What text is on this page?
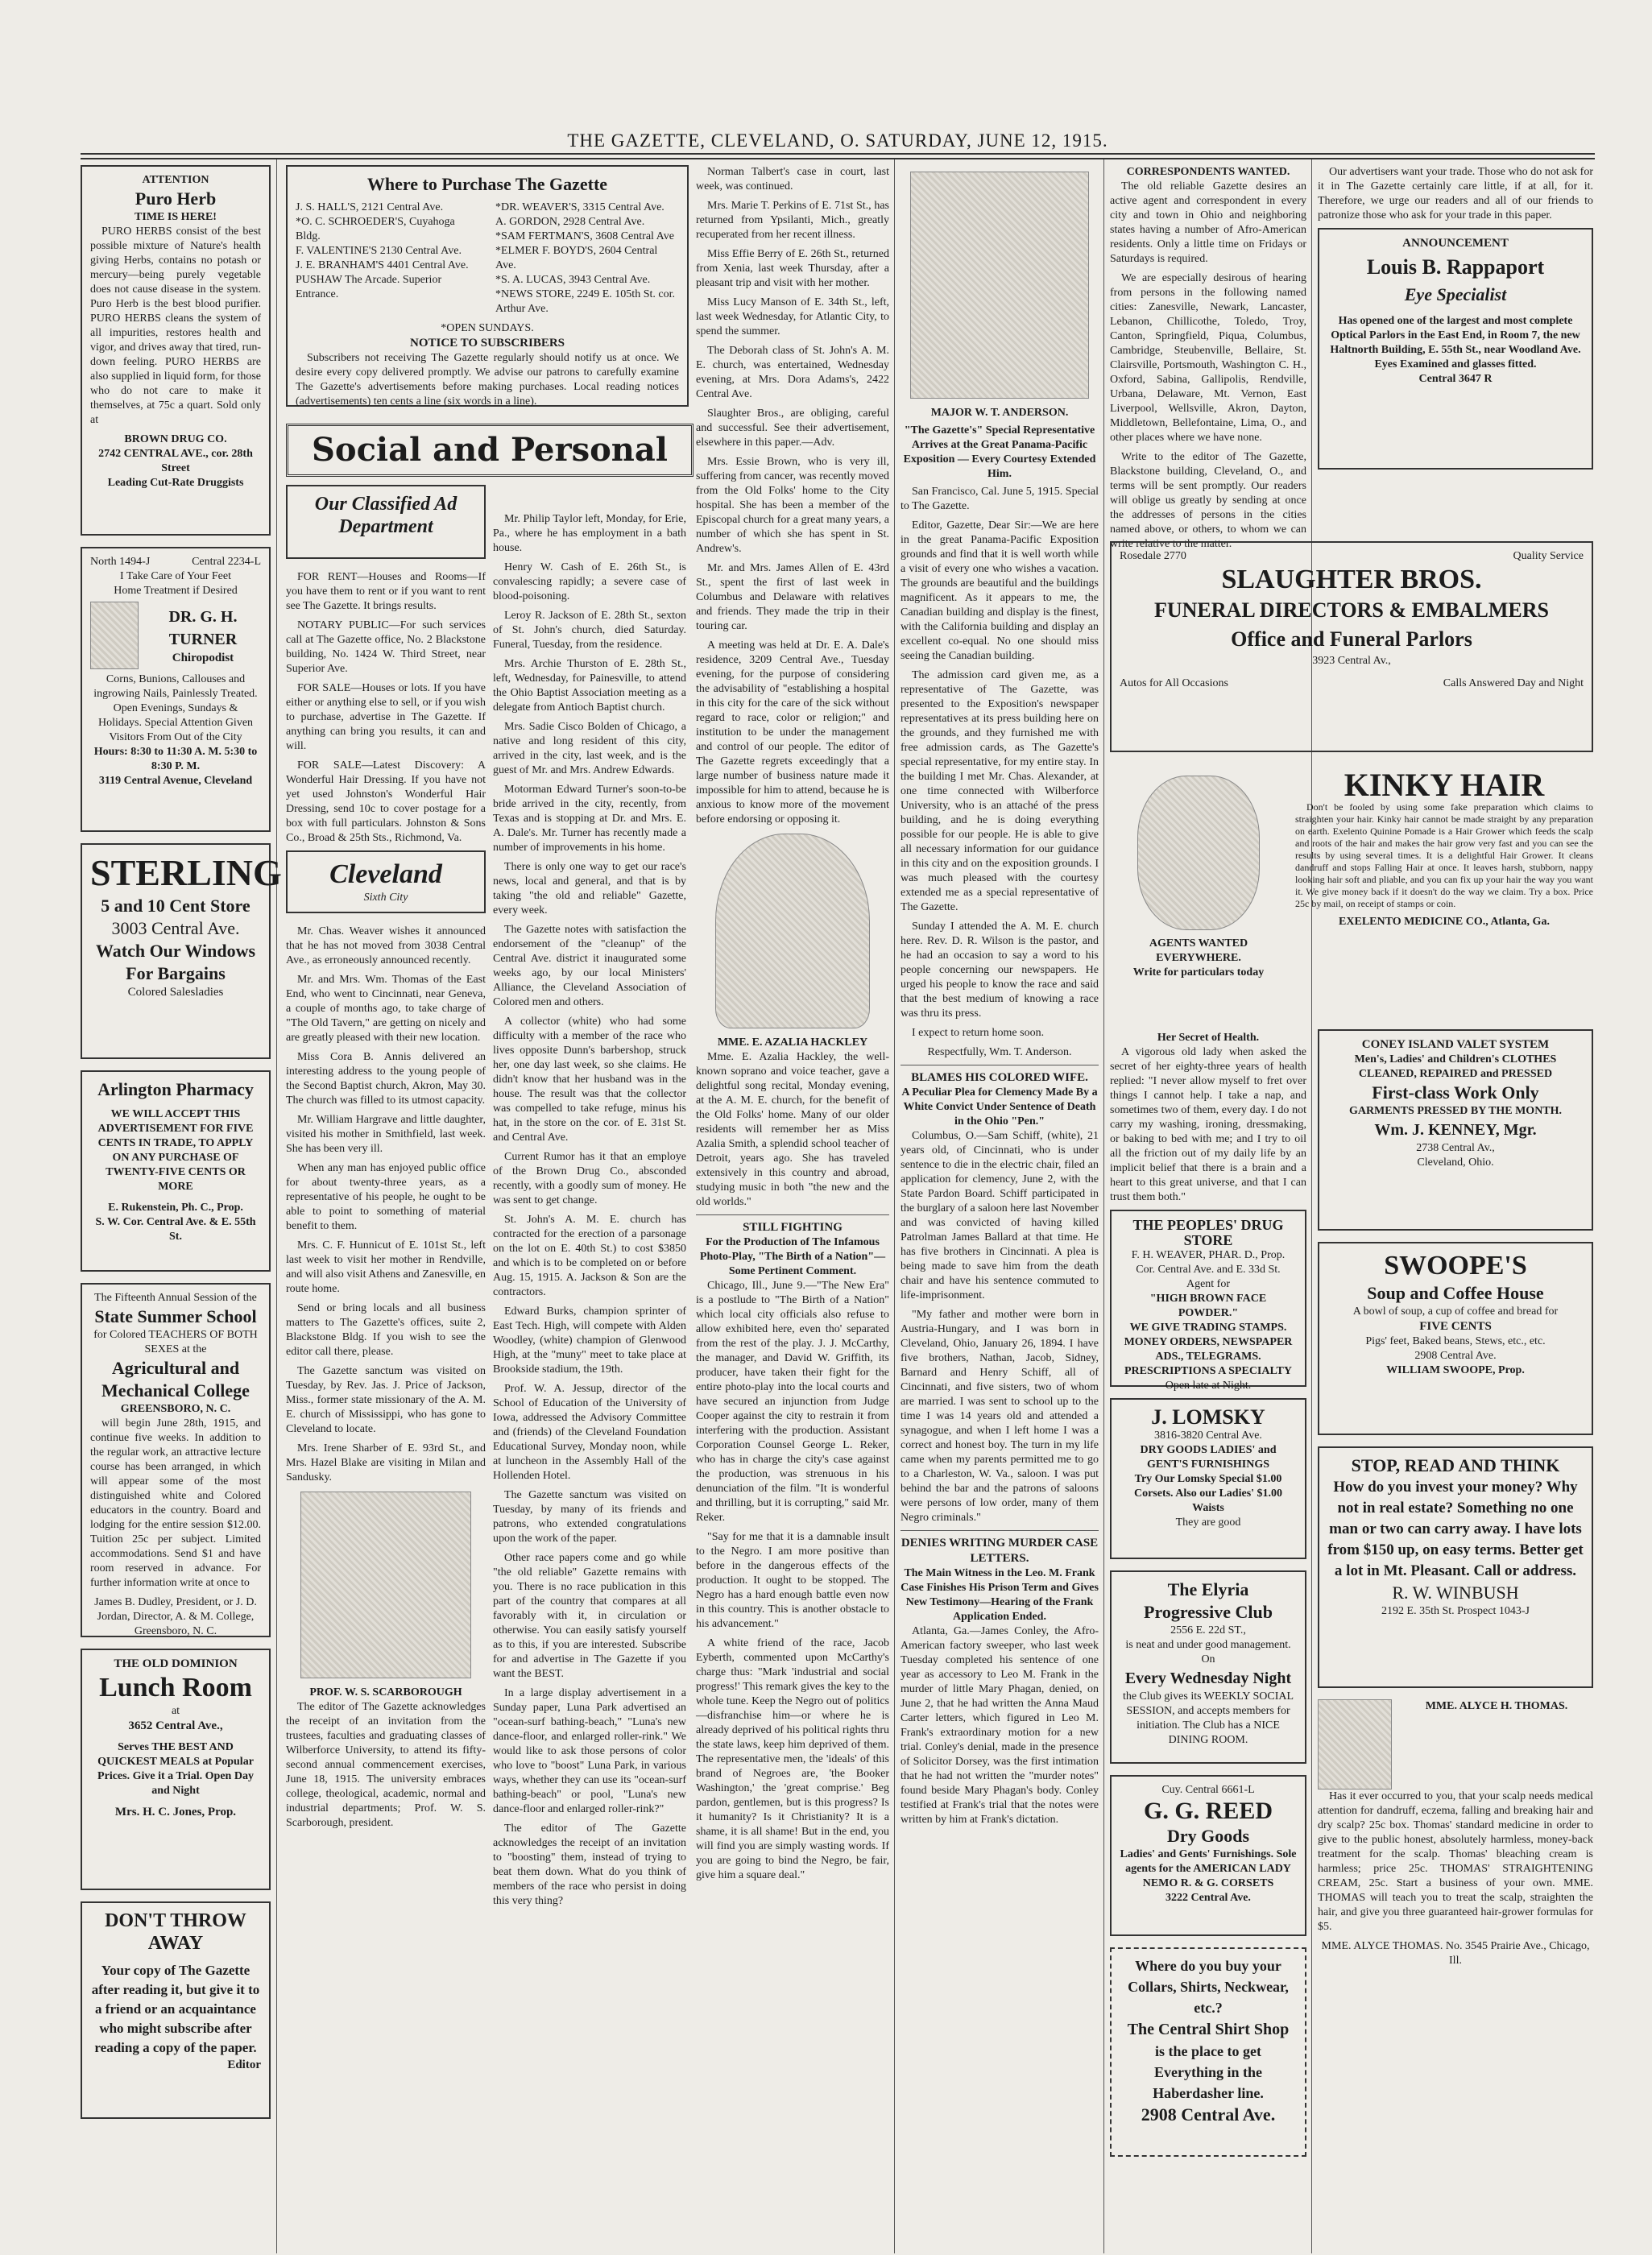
THE GAZETTE, CLEVELAND, O. SATURDAY, JUNE 12, 1915.
ATTENTION
Puro Herb
TIME IS HERE!
PURO HERBS consist of the best possible mixture of Nature's health giving Herbs, contains no potash or mercury—being purely vegetable does not cause disease in the system. Puro Herb is the best blood purifier. PURO HERBS cleans the system of all impurities, restores health and vigor, and drives away that tired, run-down feeling. PURO HERBS are also supplied in liquid form, for those who do not care to make it themselves, at 75c a quart. Sold only at
BROWN DRUG CO.
2742 CENTRAL AVE., cor. 28th Street
Leading Cut-Rate Druggists
North 1494-J	Central 2234-L
I Take Care of Your Feet
Home Treatment if Desired
DR. G. H. TURNER
Chiropodist
Corns, Bunions, Callouses and ingrowing Nails, Painlessly Treated. Open Evenings, Sundays & Holidays. Special Attention Given Visitors From Out of the City
Hours: 8:30 to 11:30 A. M. 5:30 to 8:30 P. M.
3119 Central Avenue, Cleveland
STERLING
5 and 10 Cent Store
3003 Central Ave.
Watch Our Windows
For Bargains
Colored Salesladies
Arlington Pharmacy
WE WILL ACCEPT THIS ADVERTISEMENT FOR FIVE CENTS IN TRADE, TO APPLY ON ANY PURCHASE OF TWENTY-FIVE CENTS OR MORE
E. Rukenstein, Ph. C., Prop.
S. W. Cor. Central Ave. & E. 55th St.
The Fifteenth Annual Session of the
State Summer School
for Colored TEACHERS OF BOTH SEXES at the
Agricultural and Mechanical College
GREENSBORO, N. C.
will begin June 28th, 1915, and continue five weeks. In addition to the regular work, an attractive lecture course has been arranged, in which will appear some of the most distinguished white and Colored educators in the country. Board and lodging for the entire session $12.00. Tuition 25c per subject. Limited accommodations. Send $1 and have room reserved in advance. For further information write at once to
James B. Dudley, President, or J. D. Jordan, Director, A. & M. College, Greensboro, N. C.
THE OLD DOMINION
Lunch Room
at
3652 Central Ave.,
Serves THE BEST AND QUICKEST MEALS at Popular Prices. Give it a Trial. Open Day and Night
Mrs. H. C. Jones, Prop.
DON'T THROW AWAY
Your copy of The Gazette after reading it, but give it to a friend or an acquaintance who might subscribe after reading a copy of the paper.
Editor
Where to Purchase The Gazette
J. S. HALL'S, 2121 Central Ave.
*O. C. SCHROEDER'S, Cuyahoga Bldg.
F. VALENTINE'S 2130 Central Ave.
J. E. BRANHAM'S 4401 Central Ave.
PUSHAW The Arcade. Superior Entrance.
*DR. WEAVER'S, 3315 Central Ave.
A. GORDON, 2928 Central Ave.
*SAM FERTMAN'S, 3608 Central Ave
*ELMER F. BOYD'S, 2604 Central Ave.
*S. A. LUCAS, 3943 Central Ave.
*NEWS STORE, 2249 E. 105th St. cor. Arthur Ave.
*OPEN SUNDAYS.
NOTICE TO SUBSCRIBERS
Subscribers not receiving The Gazette regularly should notify us at once. We desire every copy delivered promptly. We advise our patrons to carefully examine The Gazette's advertisements before making purchases. Local reading notices (advertisements) ten cents a line (six words in a line).
Social and Personal
Our Classified Ad Department
FOR RENT—Houses and Rooms—If you have them to rent or if you want to rent see The Gazette. It brings results.
NOTARY PUBLIC—For such services call at The Gazette office, No. 2 Blackstone building, No. 1424 W. Third Street, near Superior Ave.
FOR SALE—Houses or lots. If you have either or anything else to sell, or if you wish to purchase, advertise in The Gazette. If anything can bring you results, it can and will.
FOR SALE—Latest Discovery: A Wonderful Hair Dressing. If you have not yet used Johnston's Wonderful Hair Dressing, send 10c to cover postage for a box with full particulars. Johnston & Sons Co., Broad & 25th Sts., Richmond, Va.
Cleveland
Sixth City
Mr. Chas. Weaver wishes it announced that he has not moved from 3038 Central Ave., as erroneously announced recently.
Mr. and Mrs. Wm. Thomas of the East End, who went to Cincinnati, near Geneva, a couple of months ago, to take charge of "The Old Tavern," are getting on nicely and are greatly pleased with their new location.
Miss Cora B. Annis delivered an interesting address to the young people of the Second Baptist church, Akron, May 30. The church was filled to its utmost capacity.
Mr. William Hargrave and little daughter, visited his mother in Smithfield, last week. She has been very ill.
When any man has enjoyed public office for about twenty-three years, as a representative of his people, he ought to be able to point to something of material benefit to them.
Mrs. C. F. Hunnicut of E. 101st St., left last week to visit her mother in Rendville, and will also visit Athens and Zanesville, en route home.
Send or bring locals and all business matters to The Gazette's offices, suite 2, Blackstone Bldg. If you wish to see the editor call there, please.
The Gazette sanctum was visited on Tuesday, by Rev. Jas. J. Price of Jackson, Miss., former state missionary of the A. M. E. church of Mississippi, who has gone to Cleveland to locate.
Mrs. Irene Sharber of E. 93rd St., and Mrs. Hazel Blake are visiting in Milan and Sandusky.
PROF. W. S. SCARBOROUGH
The editor of The Gazette acknowledges the receipt of an invitation from the trustees, faculties and graduating classes of Wilberforce University, to attend its fifty-second annual commencement exercises, June 18, 1915. The university embraces college, theological, academic, normal and industrial departments; Prof. W. S. Scarborough, president.
Mr. Philip Taylor left, Monday, for Erie, Pa., where he has employment in a bath house.
Henry W. Cash of E. 26th St., is convalescing rapidly; a severe case of blood-poisoning.
Leroy R. Jackson of E. 28th St., sexton of St. John's church, died Saturday. Funeral, Tuesday, from the residence.
Mrs. Archie Thurston of E. 28th St., left, Wednesday, for Painesville, to attend the Ohio Baptist Association meeting as a delegate from Antioch Baptist church.
Mrs. Sadie Cisco Bolden of Chicago, a native and long resident of this city, arrived in the city, last week, and is the guest of Mr. and Mrs. Andrew Edwards.
Motorman Edward Turner's soon-to-be bride arrived in the city, recently, from Texas and is stopping at Dr. and Mrs. E. A. Dale's. Mr. Turner has recently made a number of improvements in his home.
There is only one way to get our race's news, local and general, and that is by taking "the old and reliable" Gazette, every week.
The Gazette notes with satisfaction the endorsement of the "cleanup" of the Central Ave. district it inaugurated some weeks ago, by our local Ministers' Alliance, the Cleveland Association of Colored men and others.
A collector (white) who had some difficulty with a member of the race who lives opposite Dunn's barbershop, struck her, one day last week, so she claims. He didn't know that her husband was in the house. The result was that the collector was compelled to take refuge, minus his hat, in the store on the cor. of E. 31st St. and Central Ave.
Current Rumor has it that an employe of the Brown Drug Co., absconded recently, with a goodly sum of money. He was sent to get change.
St. John's A. M. E. church has contracted for the erection of a parsonage on the lot on E. 40th St.) to cost $3850 and which is to be completed on or before Aug. 15, 1915. A. Jackson & Son are the contractors.
Edward Burks, champion sprinter of East Tech. High, will compete with Alden Woodley, (white) champion of Glenwood High, at the "muny" meet to take place at Brookside stadium, the 19th.
Prof. W. A. Jessup, director of the School of Education of the University of Iowa, addressed the Advisory Committee and (friends) of the Cleveland Foundation Educational Survey, Monday noon, while at luncheon in the Assembly Hall of the Hollenden Hotel.
The Gazette sanctum was visited on Tuesday, by many of its friends and patrons, who extended congratulations upon the work of the paper.
Other race papers come and go while "the old reliable" Gazette remains with you. There is no race publication in this part of the country that compares at all favorably with it, in circulation or otherwise. You can easily satisfy yourself as to this, if you are interested. Subscribe for and advertise in The Gazette if you want the BEST.
In a large display advertisement in a Sunday paper, Luna Park advertised an "ocean-surf bathing-beach," "Luna's new dance-floor, and enlarged roller-rink." We would like to ask those persons of color who love to "boost" Luna Park, in various ways, whether they can use its "ocean-surf bathing-beach" or pool, "Luna's new dance-floor and enlarged roller-rink?"
The editor of The Gazette acknowledges the receipt of an invitation to "boosting" them, instead of trying to beat them down. What do you think of members of the race who persist in doing this very thing?
Norman Talbert's case in court, last week, was continued.
Mrs. Marie T. Perkins of E. 71st St., has returned from Ypsilanti, Mich., greatly recuperated from her recent illness.
Miss Effie Berry of E. 26th St., returned from Xenia, last week Thursday, after a pleasant trip and visit with her mother.
Miss Lucy Manson of E. 34th St., left, last week Wednesday, for Atlantic City, to spend the summer.
The Deborah class of St. John's A. M. E. church, was entertained, Wednesday evening, at Mrs. Dora Adams's, 2422 Central Ave.
Slaughter Bros., are obliging, careful and successful. See their advertisement, elsewhere in this paper.—Adv.
Mrs. Essie Brown, who is very ill, suffering from cancer, was recently moved from the Old Folks' home to the City hospital. She has been a member of the Episcopal church for a great many years, a number of which she has spent in St. Andrew's.
Mr. and Mrs. James Allen of E. 43rd St., spent the first of last week in Columbus and Delaware with relatives and friends. They made the trip in their touring car.
A meeting was held at Dr. E. A. Dale's residence, 3209 Central Ave., Tuesday evening, for the purpose of considering the advisability of "establishing a hospital in this city for the care of the sick without regard to race, color or religion;" and institution to be under the management and control of our people. The editor of The Gazette regrets exceedingly that a large number of business nature made it impossible for him to attend, because he is anxious to know more of the movement before endorsing or opposing it.
MME. E. AZALIA HACKLEY
Mme. E. Azalia Hackley, the well-known soprano and voice teacher, gave a delightful song recital, Monday evening, at the A. M. E. church, for the benefit of the Old Folks' home. Many of our older residents will remember her as Miss Azalia Smith, a splendid school teacher of Detroit, years ago. She has traveled extensively in this country and abroad, studying music in both "the new and the old worlds."
STILL FIGHTING
For the Production of The Infamous Photo-Play, "The Birth of a Nation"—Some Pertinent Comment.
Chicago, Ill., June 9.—"The New Era" is a postlude to "The Birth of a Nation" which local city officials also refuse to allow exhibited here, even tho' separated from the rest of the play. J. J. McCarthy, the manager, and David W. Griffith, its producer, have taken their fight for the entire photo-play into the local courts and have secured an injunction from Judge Cooper against the city to restrain it from interfering with the production. Assistant Corporation Counsel George L. Reker, who has in charge the city's case against the production, was strenuous in his denunciation of the film. "It is wonderful and thrilling, but it is corrupting," said Mr. Reker.
"Say for me that it is a damnable insult to the Negro. I am more positive than before in the dangerous effects of the production. It ought to be stopped. The Negro has a hard enough battle even now in this country. This is another obstacle to his advancement."
A white friend of the race, Jacob Eyberth, commented upon McCarthy's charge thus: "Mark 'industrial and social progress!' This remark gives the key to the whole tune. Keep the Negro out of politics—disfranchise him—or where he is already deprived of his political rights thru the state laws, keep him deprived of them. The representative men, the 'ideals' of this brand of Negroes are, 'the Booker Washington,' the 'great comprise.' Beg pardon, gentlemen, but is this progress? Is it humanity? Is it Christianity? It is a shame, it is all shame! But in the end, you will find you are simply wasting words. If you are going to bind the Negro, be fair, give him a square deal."
MAJOR W. T. ANDERSON.
"The Gazette's" Special Representative Arrives at the Great Panama-Pacific Exposition — Every Courtesy Extended Him.
San Francisco, Cal. June 5, 1915. Special to The Gazette.
Editor, Gazette, Dear Sir:—We are here in the great Panama-Pacific Exposition grounds and find that it is well worth while a visit of every one who wishes a vacation. The grounds are beautiful and the buildings magnificent. As it appears to me, the Canadian building and display is the finest, with the California building and display an excellent co-equal. No one should miss seeing the Canadian building.
The admission card given me, as a representative of The Gazette, was presented to the Exposition's newspaper representatives at its press building here on the grounds, and they furnished me with free admission cards, as The Gazette's special representative, for my entire stay. In the building I met Mr. Chas. Alexander, at one time connected with Wilberforce University, who is an attaché of the press building, and he is doing everything possible for our people. He is able to give all necessary information for our guidance in this city and on the exposition grounds. I was much pleased with the courtesy extended me as a special representative of The Gazette.
Sunday I attended the A. M. E. church here. Rev. D. R. Wilson is the pastor, and he had an occasion to say a word to his people concerning our newspapers. He urged his people to know the race and said that the best medium of knowing a race was thru its press.
I expect to return home soon.
Respectfully, Wm. T. Anderson.
BLAMES HIS COLORED WIFE.
A Peculiar Plea for Clemency Made By a White Convict Under Sentence of Death in the Ohio "Pen."
Columbus, O.—Sam Schiff, (white), 21 years old, of Cincinnati, who is under sentence to die in the electric chair, filed an application for clemency, June 2, with the State Pardon Board. Schiff participated in the burglary of a saloon here last November and was convicted of having killed Patrolman James Ballard at that time. He has five brothers in Cincinnati. A plea is being made to save him from the death chair and have his sentence commuted to life-imprisonment.
"My father and mother were born in Austria-Hungary, and I was born in Cleveland, Ohio, January 26, 1894. I have five brothers, Nathan, Jacob, Sidney, Barnard and Henry Schiff, all of Cincinnati, and five sisters, two of whom are married. I was sent to school up to the time I was 14 years old and attended a synagogue, and when I left home I was a correct and honest boy. The turn in my life came when my parents permitted me to go to a Charleston, W. Va., saloon. I was put behind the bar and the patrons of saloons were persons of low order, many of them Negro criminals."
DENIES WRITING MURDER CASE LETTERS.
The Main Witness in the Leo. M. Frank Case Finishes His Prison Term and Gives New Testimony—Hearing of the Frank Application Ended.
Atlanta, Ga.—James Conley, the Afro-American factory sweeper, who last week Tuesday completed his sentence of one year as accessory to Leo M. Frank in the murder of little Mary Phagan, denied, on June 2, that he had written the Anna Maud Carter letters, which figured in Leo M. Frank's extraordinary motion for a new trial. Conley's denial, made in the presence of Solicitor Dorsey, was the first intimation that he had not written the "murder notes" found beside Mary Phagan's body. Conley testified at Frank's trial that the notes were written by him at Frank's dictation.
CORRESPONDENTS WANTED.
The old reliable Gazette desires an active agent and correspondent in every city and town in Ohio and neighboring states having a number of Afro-American residents. Only a little time on Fridays or Saturdays is required.
We are especially desirous of hearing from persons in the following named cities: Zanesville, Newark, Lancaster, Lebanon, Chillicothe, Toledo, Troy, Canton, Springfield, Piqua, Columbus, Cambridge, Steubenville, Bellaire, St. Clairsville, Portsmouth, Washington C. H., Oxford, Sabina, Gallipolis, Rendville, Urbana, Delaware, Mt. Vernon, East Liverpool, Wellsville, Akron, Dayton, Middletown, Bellefontaine, Lima, O., and other places where we have none.
Write to the editor of The Gazette, Blackstone building, Cleveland, O., and terms will be sent promptly. Our readers will oblige us greatly by sending at once the addresses of persons in the cities named above, or others, to whom we can write relative to the matter.
Rosedale 2770	Quality Service
SLAUGHTER BROS.
FUNERAL DIRECTORS & EMBALMERS
Office and Funeral Parlors
3923 Central Av.,
Autos for All Occasions	Calls Answered Day and Night
AGENTS WANTED EVERYWHERE.
Write for particulars today
KINKY HAIR
Don't be fooled by using some fake preparation which claims to straighten your hair. Kinky hair cannot be made straight by any preparation on earth. Exelento Quinine Pomade is a Hair Grower which feeds the scalp and roots of the hair and makes the hair grow very fast and you can see the results by using several times. It is a delightful Hair Grower. It cleans dandruff and stops Falling Hair at once. It leaves harsh, stubborn, nappy looking hair soft and pliable, and you can fix up your hair the way you want it. We give money back if it doesn't do the way we claim. Try a box. Price 25c by mail, on receipt of stamps or coin.
EXELENTO MEDICINE CO., Atlanta, Ga.
Her Secret of Health.
A vigorous old lady when asked the secret of her eighty-three years of health replied: "I never allow myself to fret over things I cannot help. I take a nap, and sometimes two of them, every day. I do not carry my washing, ironing, dressmaking, or baking to bed with me; and I try to oil all the friction out of my daily life by an implicit belief that there is a brain and a heart to this great universe, and that I can trust them both."
THE PEOPLES' DRUG STORE
F. H. WEAVER, PHAR. D., Prop.
Cor. Central Ave. and E. 33d St.
Agent for
"HIGH BROWN FACE POWDER."
WE GIVE TRADING STAMPS. MONEY ORDERS, NEWSPAPER ADS., TELEGRAMS. PRESCRIPTIONS A SPECIALTY
Open late at Night.
J. LOMSKY
3816-3820 Central Ave.
DRY GOODS LADIES' and GENT'S FURNISHINGS
Try Our Lomsky Special $1.00 Corsets. Also our Ladies' $1.00 Waists
They are good
The Elyria
Progressive Club
2556 E. 22d ST.,
is neat and under good management. On
Every Wednesday Night
the Club gives its WEEKLY SOCIAL SESSION, and accepts members for initiation. The Club has a NICE DINING ROOM.
Cuy. Central 6661-L
G. G. REED
Dry Goods
Ladies' and Gents' Furnishings. Sole agents for the AMERICAN LADY NEMO R. & G. CORSETS
3222 Central Ave.
Where do you buy your Collars, Shirts, Neckwear, etc.?
The Central Shirt Shop
is the place to get Everything in the Haberdasher line.
2908 Central Ave.
Our advertisers want your trade. Those who do not ask for it in The Gazette certainly care little, if at all, for it. Therefore, we urge our readers and all of our friends to patronize those who ask for your trade in this paper.
ANNOUNCEMENT
Louis B. Rappaport
Eye Specialist
Has opened one of the largest and most complete Optical Parlors in the East End, in Room 7, the new Haltnorth Building, E. 55th St., near Woodland Ave. Eyes Examined and glasses fitted.
Central 3647 R
CONEY ISLAND VALET SYSTEM
Men's, Ladies' and Children's CLOTHES CLEANED, REPAIRED and PRESSED
First-class Work Only
GARMENTS PRESSED BY THE MONTH.
Wm. J. KENNEY, Mgr.
2738 Central Av.,
Cleveland, Ohio.
SWOOPE'S
Soup and Coffee House
A bowl of soup, a cup of coffee and bread for
FIVE CENTS
Pigs' feet, Baked beans, Stews, etc., etc.
2908 Central Ave.
WILLIAM SWOOPE, Prop.
STOP, READ AND THINK
How do you invest your money? Why not in real estate? Something no one man or two can carry away. I have lots from $150 up, on easy terms. Better get a lot in Mt. Pleasant. Call or address.
R. W. WINBUSH
2192 E. 35th St. Prospect 1043-J
MME. ALYCE H. THOMAS.
Has it ever occurred to you, that your scalp needs medical attention for dandruff, eczema, falling and breaking hair and dry scalp? 25c box. Thomas' standard medicine in order to give to the public honest, absolutely harmless, money-back treatment for the scalp. Thomas' bleaching cream is harmless; price 25c. THOMAS' STRAIGHTENING CREAM, 25c. Start a business of your own. MME. THOMAS will teach you to treat the scalp, straighten the hair, and give you three guaranteed hair-grower formulas for $5.
MME. ALYCE THOMAS. No. 3545 Prairie Ave., Chicago, Ill.
